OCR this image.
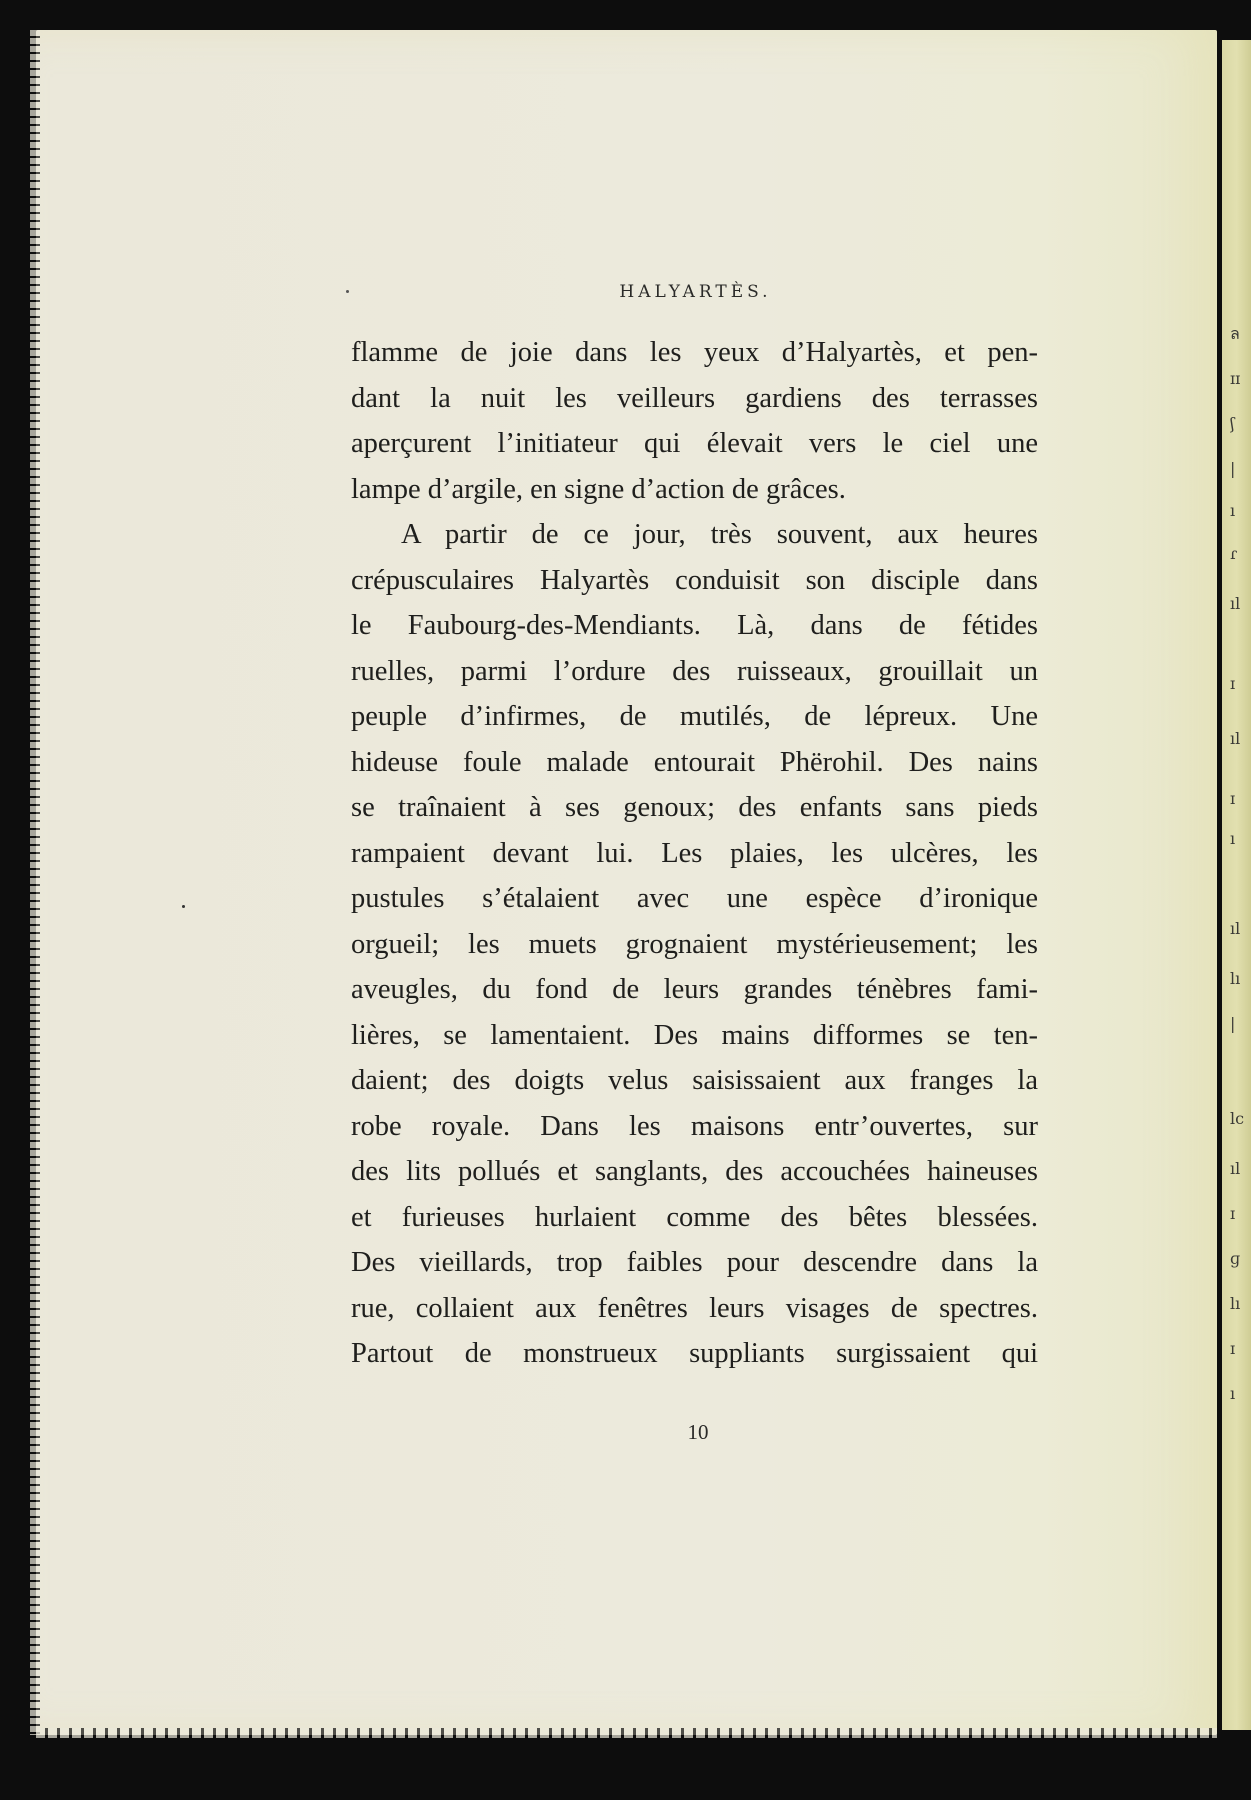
ล
ɪɪ
ʃ
|
ı
ɾ
ıl
ɪ
ıl
ɪ
ı
ıl
lı
|
lc
ıl
ɪ
ɡ
lı
ɪ
ı
HALYARTÈS.
flamme de joie dans les yeux d’Halyartès, et pen-
dant la nuit les veilleurs gardiens des terrasses
aperçurent l’initiateur qui élevait vers le ciel une
lampe d’argile, en signe d’action de grâces.
A partir de ce jour, très souvent, aux heures
crépusculaires Halyartès conduisit son disciple dans
le Faubourg-des-Mendiants. Là, dans de fétides
ruelles, parmi l’ordure des ruisseaux, grouillait un
peuple d’infirmes, de mutilés, de lépreux. Une
hideuse foule malade entourait Phërohil. Des nains
se traînaient à ses genoux; des enfants sans pieds
rampaient devant lui. Les plaies, les ulcères, les
pustules s’étalaient avec une espèce d’ironique
orgueil; les muets grognaient mystérieusement; les
aveugles, du fond de leurs grandes ténèbres fami-
lières, se lamentaient. Des mains difformes se ten-
daient; des doigts velus saisissaient aux franges la
robe royale. Dans les maisons entr’ouvertes, sur
des lits pollués et sanglants, des accouchées haineuses
et furieuses hurlaient comme des bêtes blessées.
Des vieillards, trop faibles pour descendre dans la
rue, collaient aux fenêtres leurs visages de spectres.
Partout de monstrueux suppliants surgissaient qui
10
